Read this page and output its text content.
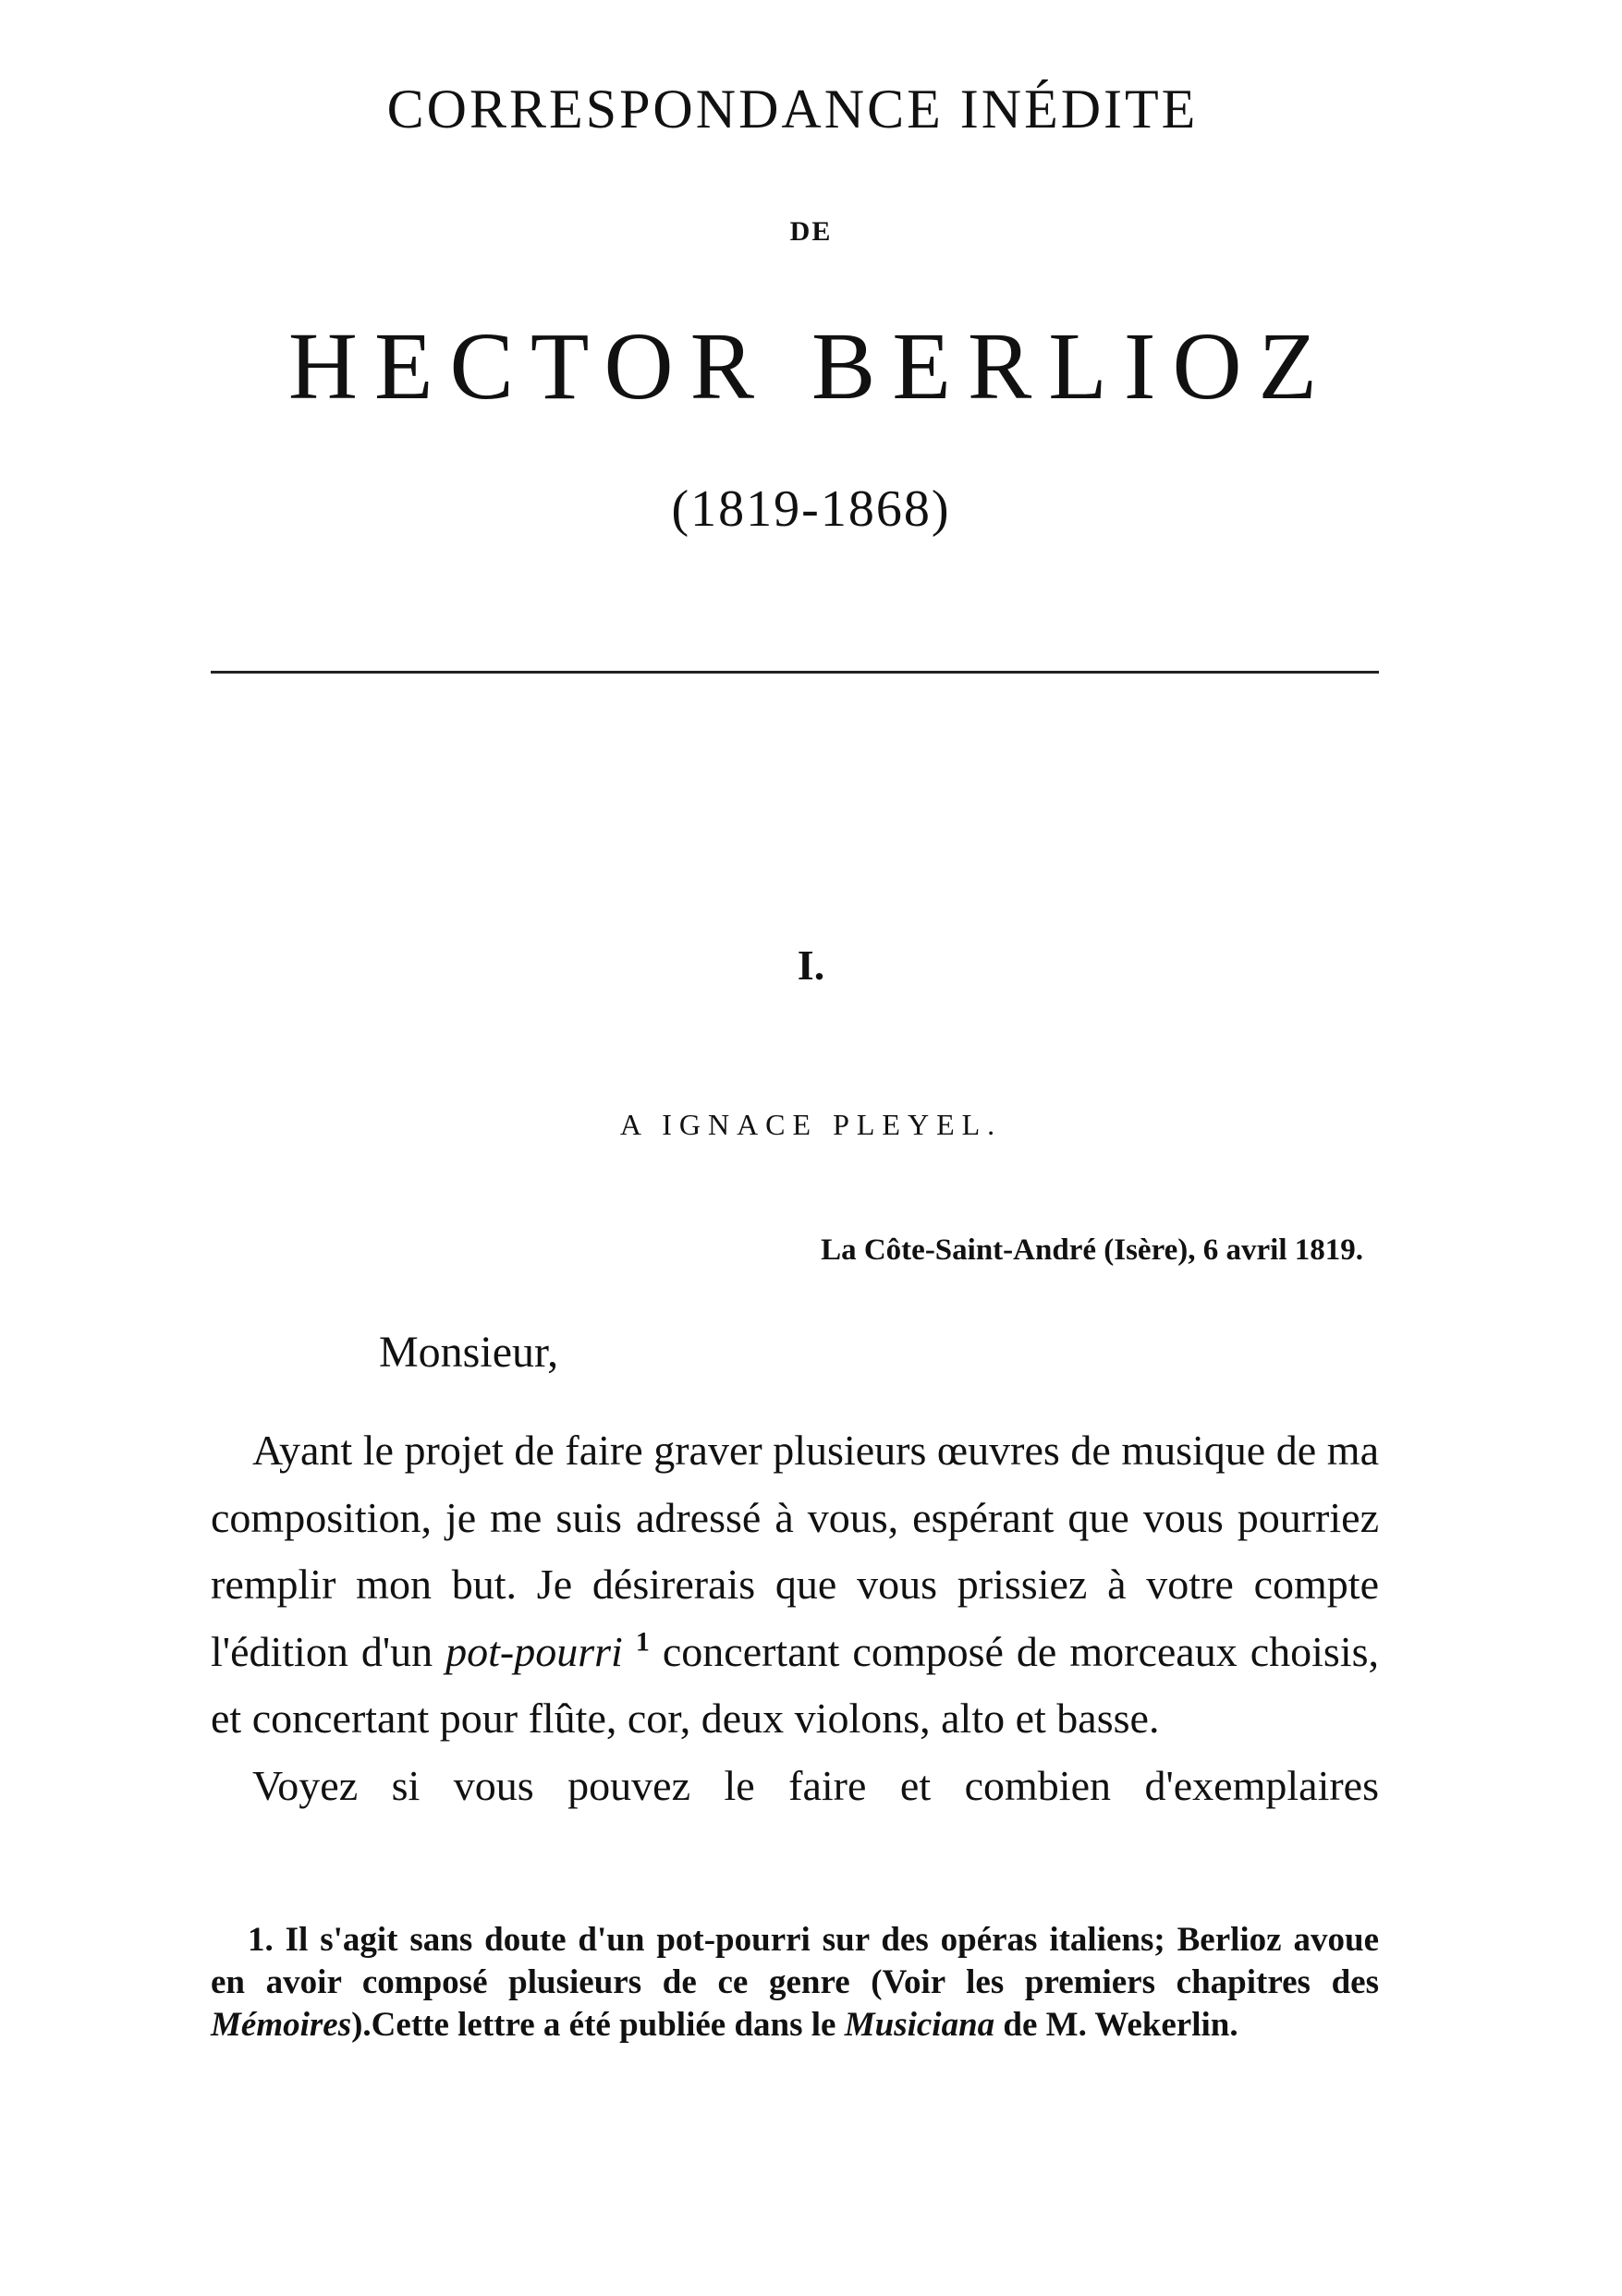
CORRESPONDANCE INÉDITE
DE
HECTOR BERLIOZ
(1819-1868)
I.
A IGNACE PLEYEL.
La Côte-Saint-André (Isère), 6 avril 1819.
Monsieur,

Ayant le projet de faire graver plusieurs œuvres de musique de ma composition, je me suis adressé à vous, espérant que vous pourriez remplir mon but. Je désirerais que vous prissiez à votre compte l'édition d'un pot-pourri $^1$ concertant composé de morceaux choisis, et concertant pour flûte, cor, deux violons, alto et basse.

Voyez si vous pouvez le faire et combien d'exemplaires

1. Il s'agit sans doute d'un pot-pourri sur des opéras italiens; Berlioz avoue en avoir composé plusieurs de ce genre (Voir les premiers chapitres des Mémoires).Cette lettre a été publiée dans le Musiciana de M. Wekerlin.
